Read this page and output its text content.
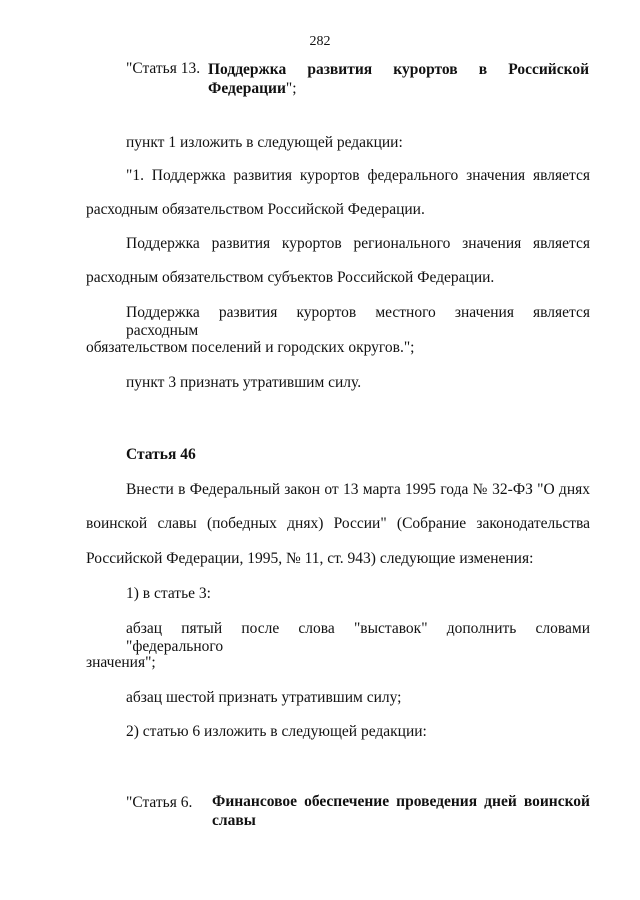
282
"Статья 13. Поддержка развития курортов в Российской
Федерации";
пункт 1 изложить в следующей редакции:
"1. Поддержка развития курортов федерального значения является
расходным обязательством Российской Федерации.
Поддержка развития курортов регионального значения является
расходным обязательством субъектов Российской Федерации.
Поддержка развития курортов местного значения является расходным
обязательством поселений и городских округов.";
пункт 3 признать утратившим силу.
Статья 46
Внести в Федеральный закон от 13 марта 1995 года № 32-ФЗ "О днях
воинской славы (победных днях) России" (Собрание законодательства
Российской Федерации, 1995, № 11, ст. 943) следующие изменения:
1) в статье 3:
абзац пятый после слова "выставок" дополнить словами "федерального
значения";
абзац шестой признать утратившим силу;
2) статью 6 изложить в следующей редакции:
"Статья 6. Финансовое обеспечение проведения дней воинской
славы
